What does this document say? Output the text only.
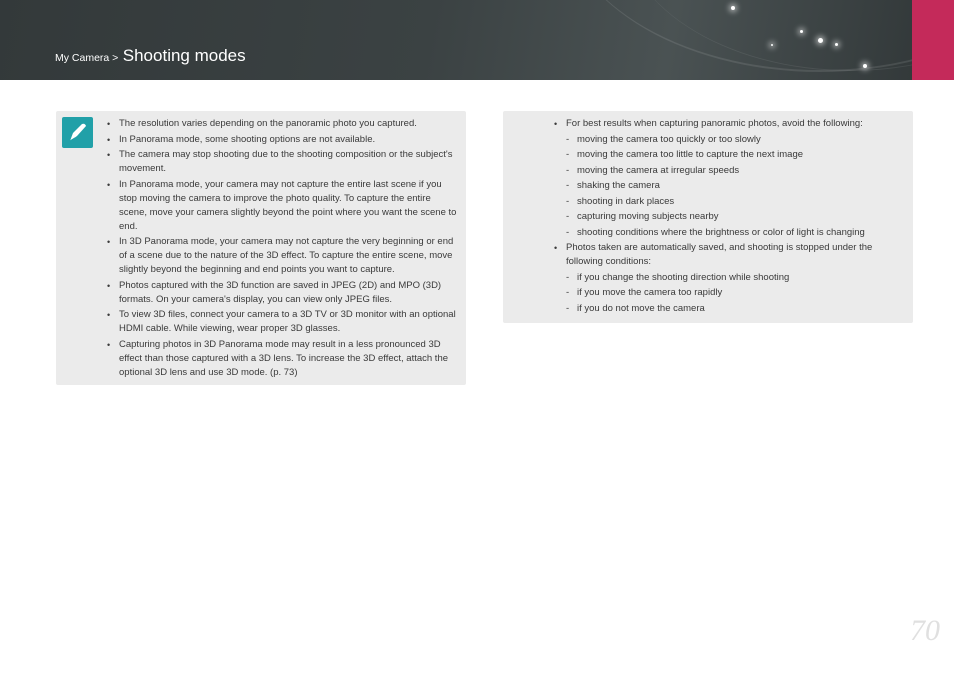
My Camera > Shooting modes
• The resolution varies depending on the panoramic photo you captured.
• In Panorama mode, some shooting options are not available.
• The camera may stop shooting due to the shooting composition or the subject's movement.
• In Panorama mode, your camera may not capture the entire last scene if you stop moving the camera to improve the photo quality. To capture the entire scene, move your camera slightly beyond the point where you want the scene to end.
• In 3D Panorama mode, your camera may not capture the very beginning or end of a scene due to the nature of the 3D effect. To capture the entire scene, move slightly beyond the beginning and end points you want to capture.
• Photos captured with the 3D function are saved in JPEG (2D) and MPO (3D) formats. On your camera's display, you can view only JPEG files.
• To view 3D files, connect your camera to a 3D TV or 3D monitor with an optional HDMI cable. While viewing, wear proper 3D glasses.
• Capturing photos in 3D Panorama mode may result in a less pronounced 3D effect than those captured with a 3D lens. To increase the 3D effect, attach the optional 3D lens and use 3D mode. (p. 73)
• For best results when capturing panoramic photos, avoid the following:
- moving the camera too quickly or too slowly
- moving the camera too little to capture the next image
- moving the camera at irregular speeds
- shaking the camera
- shooting in dark places
- capturing moving subjects nearby
- shooting conditions where the brightness or color of light is changing
• Photos taken are automatically saved, and shooting is stopped under the following conditions:
- if you change the shooting direction while shooting
- if you move the camera too rapidly
- if you do not move the camera
70
